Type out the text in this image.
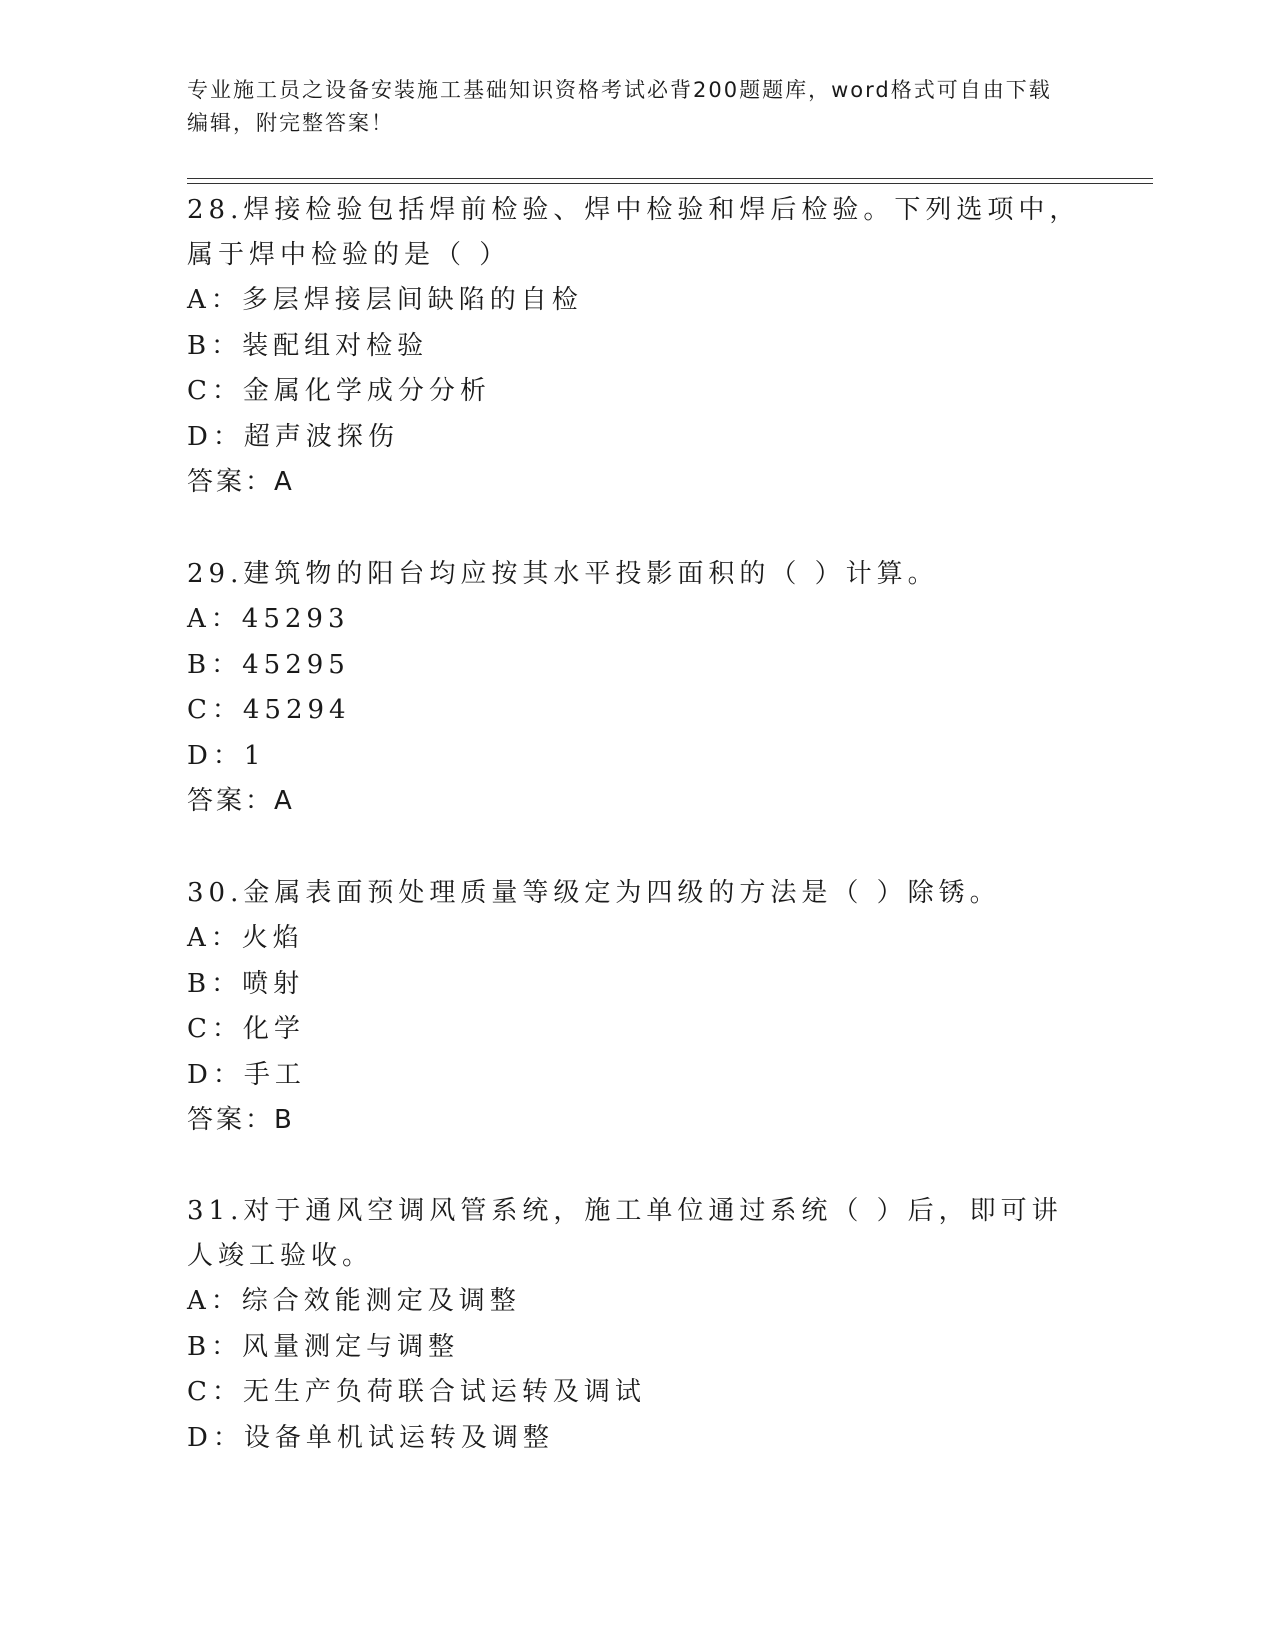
专业施工员之设备安装施工基础知识资格考试必背200题题库，word格式可自由下载编辑，附完整答案！
28.焊接检验包括焊前检验、焊中检验和焊后检验。下列选项中，属于焊中检验的是（ ）
A：多层焊接层间缺陷的自检
B：装配组对检验
C：金属化学成分分析
D：超声波探伤
答案：A
29.建筑物的阳台均应按其水平投影面积的（ ）计算。
A：45293
B：45295
C：45294
D：1
答案：A
30.金属表面预处理质量等级定为四级的方法是（ ）除锈。
A：火焰
B：喷射
C：化学
D：手工
答案：B
31.对于通风空调风管系统，施工单位通过系统（ ）后，即可讲人竣工验收。
A：综合效能测定及调整
B：风量测定与调整
C：无生产负荷联合试运转及调试
D：设备单机试运转及调整
